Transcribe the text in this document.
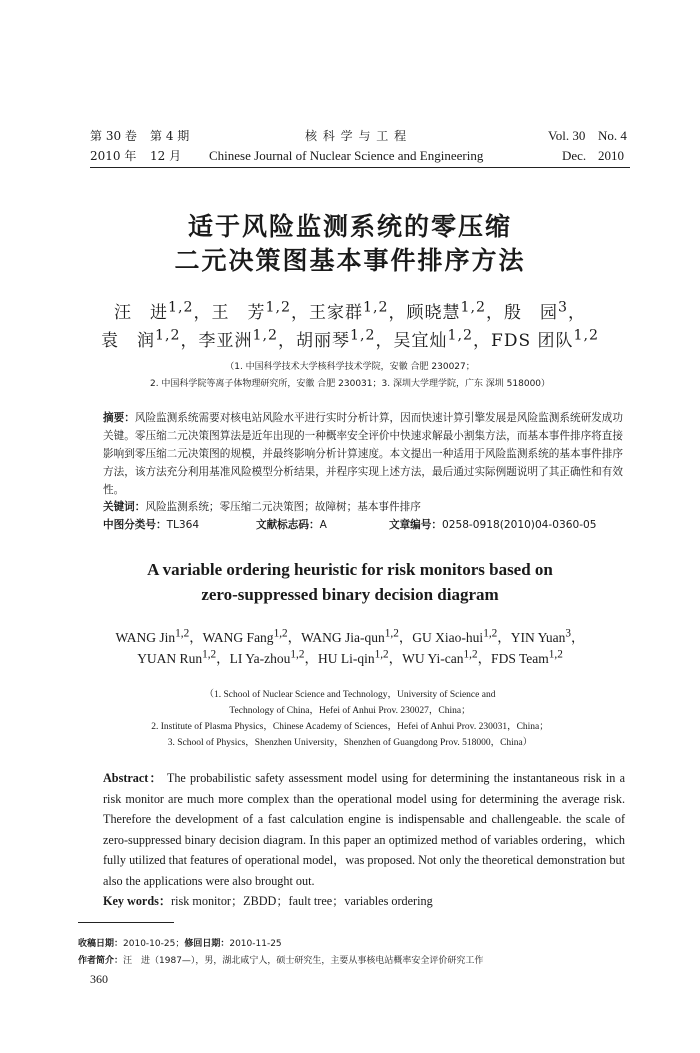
第 30 卷 第 4 期
2010 年 12 月
核 科 学 与 工 程
Chinese Journal of Nuclear Science and Engineering
Vol. 30 No. 4
Dec. 2010
适于风险监测系统的零压缩
二元决策图基本事件排序方法
汪　进$^{1,2}$，王　芳$^{1,2}$，王家群$^{1,2}$，顾晓慧$^{1,2}$，殷　园$^3$，
袁　润$^{1,2}$，李亚洲$^{1,2}$，胡丽琴$^{1,2}$，吴宜灿$^{1,2}$，FDS 团队$^{1,2}$
（1. 中国科学技术大学核科学技术学院，安徽 合肥 230027；
2. 中国科学院等离子体物理研究所，安徽 合肥 230031；3. 深圳大学理学院，广东 深圳 518000）
摘要：风险监测系统需要对核电站风险水平进行实时分析计算，因而快速计算引擎发展是风险监测系统研发成功关键。零压缩二元决策图算法是近年出现的一种概率安全评价中快速求解最小割集方法，而基本事件排序将直接影响到零压缩二元决策图的规模，并最终影响分析计算速度。本文提出一种适用于风险监测系统的基本事件排序方法，该方法充分利用基准风险模型分析结果，并程序实现上述方法，最后通过实际例题说明了其正确性和有效性。
关键词：风险监测系统；零压缩二元决策图；故障树；基本事件排序
中图分类号：TL364	文献标志码：A	文章编号：0258-0918(2010)04-0360-05
A variable ordering heuristic for risk monitors based on
zero-suppressed binary decision diagram
WANG Jin$^{1,2}$，WANG Fang$^{1,2}$，WANG Jia-qun$^{1,2}$，GU Xiao-hui$^{1,2}$，YIN Yuan$^3$，
YUAN Run$^{1,2}$，LI Ya-zhou$^{1,2}$，HU Li-qin$^{1,2}$，WU Yi-can$^{1,2}$，FDS Team$^{1,2}$
（1. School of Nuclear Science and Technology，University of Science and
Technology of China，Hefei of Anhui Prov. 230027，China；
2. Institute of Plasma Physics，Chinese Academy of Sciences，Hefei of Anhui Prov. 230031，China；
3. School of Physics，Shenzhen University，Shenzhen of Guangdong Prov. 518000，China）
Abstract： The probabilistic safety assessment model using for determining the instantaneous risk in a risk monitor are much more complex than the operational model using for determining the average risk. Therefore the development of a fast calculation engine is indispensable and challengeable. the scale of zero-suppressed binary decision diagram. In this paper an optimized method of variables ordering，which fully utilized that features of operational model，was proposed. Not only the theoretical demonstration but also the applications were also brought out.
Key words：risk monitor；ZBDD；fault tree；variables ordering
收稿日期：2010-10-25；修回日期：2010-11-25
作者简介：汪　进（1987—），男，湖北咸宁人，硕士研究生，主要从事核电站概率安全评价研究工作
360
